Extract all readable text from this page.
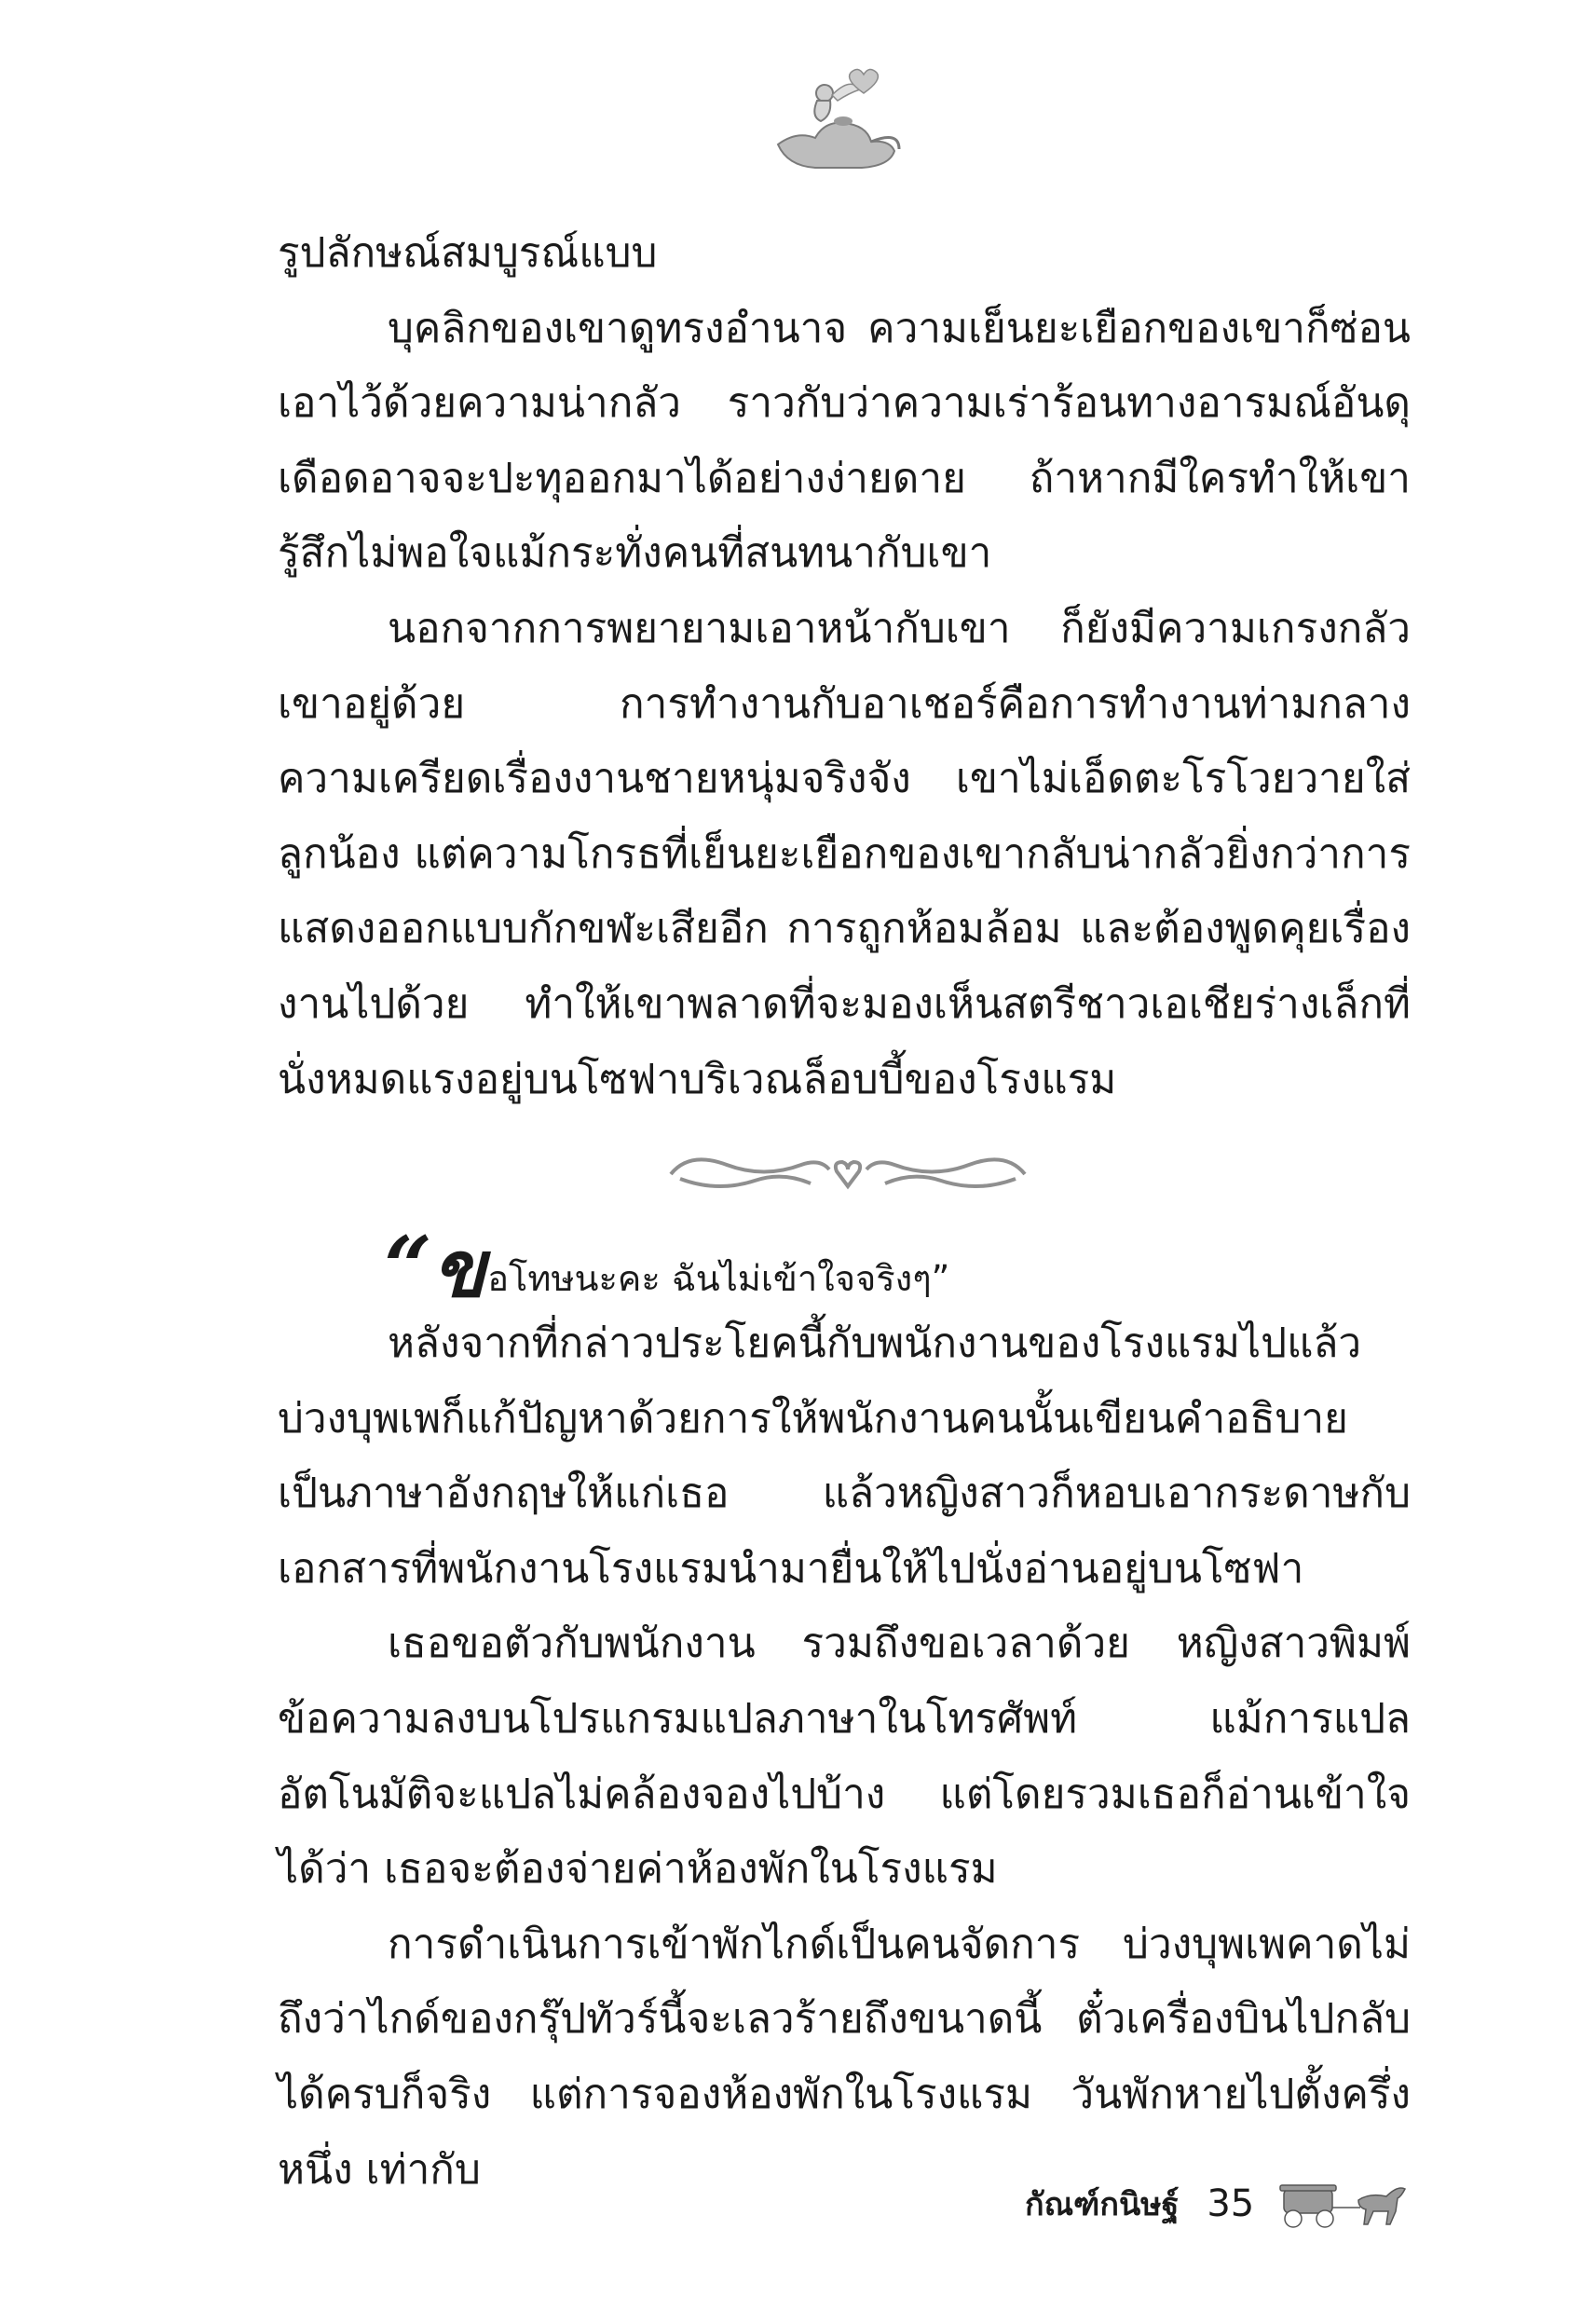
รูปลักษณ์สมบูรณ์แบบ

บุคลิกของเขาดูทรงอำนาจ ความเย็นยะเยือกของเขาก็ซ่อนเอาไว้ด้วยความน่ากลัว ราวกับว่าความเร่าร้อนทางอารมณ์อันดุเดือดอาจจะปะทุออกมาได้อย่างง่ายดาย ถ้าหากมีใครทำให้เขารู้สึกไม่พอใจแม้กระทั่งคนที่สนทนากับเขา

นอกจากการพยายามเอาหน้ากับเขา ก็ยังมีความเกรงกลัวเขาอยู่ด้วย การทำงานกับอาเชอร์คือการทำงานท่ามกลางความเครียดเรื่องงานชายหนุ่มจริงจัง เขาไม่เอ็ดตะโรโวยวายใส่ลูกน้อง แต่ความโกรธที่เย็นยะเยือกของเขากลับน่ากลัวยิ่งกว่าการแสดงออกแบบกักขฬะเสียอีก การถูกห้อมล้อม และต้องพูดคุยเรื่องงานไปด้วย ทำให้เขาพลาดที่จะมองเห็นสตรีชาวเอเชียร่างเล็กที่นั่งหมดแรงอยู่บนโซฟาบริเวณล็อบบี้ของโรงแรม

“ขอโทษนะคะ ฉันไม่เข้าใจจริงๆ”

หลังจากที่กล่าวประโยคนี้กับพนักงานของโรงแรมไปแล้ว บ่วงบุพเพก็แก้ปัญหาด้วยการให้พนักงานคนนั้นเขียนคำอธิบายเป็นภาษาอังกฤษให้แก่เธอ แล้วหญิงสาวก็หอบเอากระดาษกับเอกสารที่พนักงานโรงแรมนำมายื่นให้ไปนั่งอ่านอยู่บนโซฟา

เธอขอตัวกับพนักงาน รวมถึงขอเวลาด้วย หญิงสาวพิมพ์ข้อความลงบนโปรแกรมแปลภาษาในโทรศัพท์ แม้การแปลอัตโนมัติจะแปลไม่คล้องจองไปบ้าง แต่โดยรวมเธอก็อ่านเข้าใจได้ว่า เธอจะต้องจ่ายค่าห้องพักในโรงแรม

การดำเนินการเข้าพักไกด์เป็นคนจัดการ บ่วงบุพเพคาดไม่ถึงว่าไกด์ของกรุ๊ปทัวร์นี้จะเลวร้ายถึงขนาดนี้ ตั๋วเครื่องบินไปกลับได้ครบก็จริง แต่การจองห้องพักในโรงแรม วันพักหายไปตั้งครึ่งหนึ่ง เท่ากับ

กัณฑ์กนิษฐ์ 35
